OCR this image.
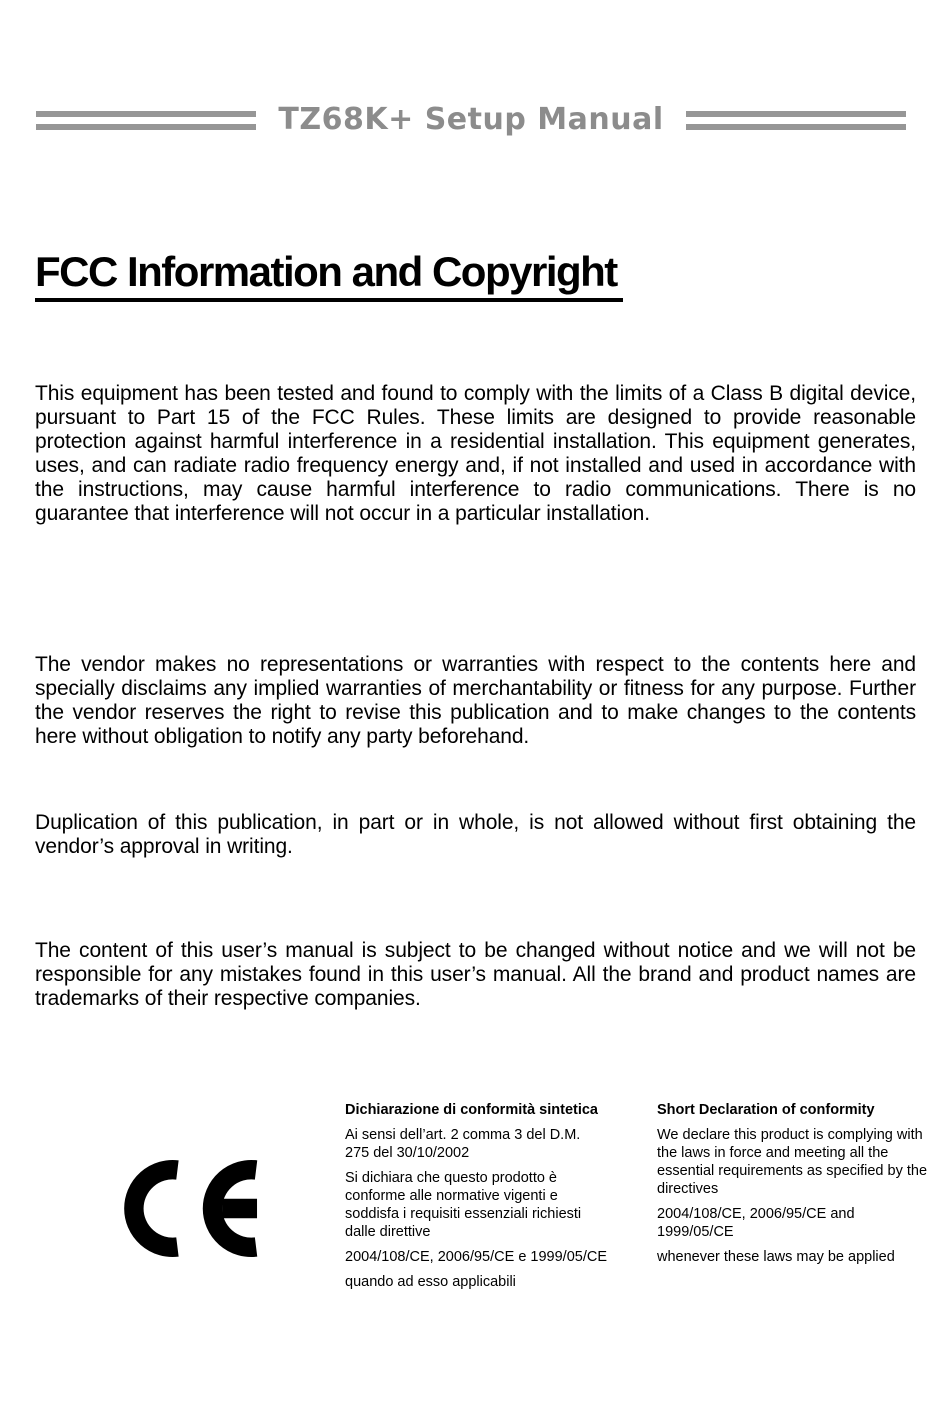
TZ68K+ Setup Manual
FCC Information and Copyright

This equipment has been tested and found to comply with the limits of a Class B digital device, pursuant to Part 15 of the FCC Rules. These limits are designed to provide reasonable protection against harmful interference in a residential installation. This equipment generates, uses, and can radiate radio frequency energy and, if not installed and used in accordance with the instructions, may cause harmful interference to radio communications. There is no guarantee that interference will not occur in a particular installation.

The vendor makes no representations or warranties with respect to the contents here and specially disclaims any implied warranties of merchantability or fitness for any purpose. Further the vendor reserves the right to revise this publication and to make changes to the contents here without obligation to notify any party beforehand.

Duplication of this publication, in part or in whole, is not allowed without first obtaining the vendor’s approval in writing.

The content of this user’s manual is subject to be changed without notice and we will not be responsible for any mistakes found in this user’s manual. All the brand and product names are trademarks of their respective companies.

Dichiarazione di conformità sintetica

Ai sensi dell’art. 2 comma 3 del D.M. 275 del 30/10/2002

Si dichiara che questo prodotto è conforme alle normative vigenti e soddisfa i requisiti essenziali richiesti dalle direttive

2004/108/CE, 2006/95/CE e 1999/05/CE

quando ad esso applicabili

Short Declaration of conformity

We declare this product is complying with the laws in force and meeting all the essential requirements as specified by the directives

2004/108/CE, 2006/95/CE and 1999/05/CE

whenever these laws may be applied
